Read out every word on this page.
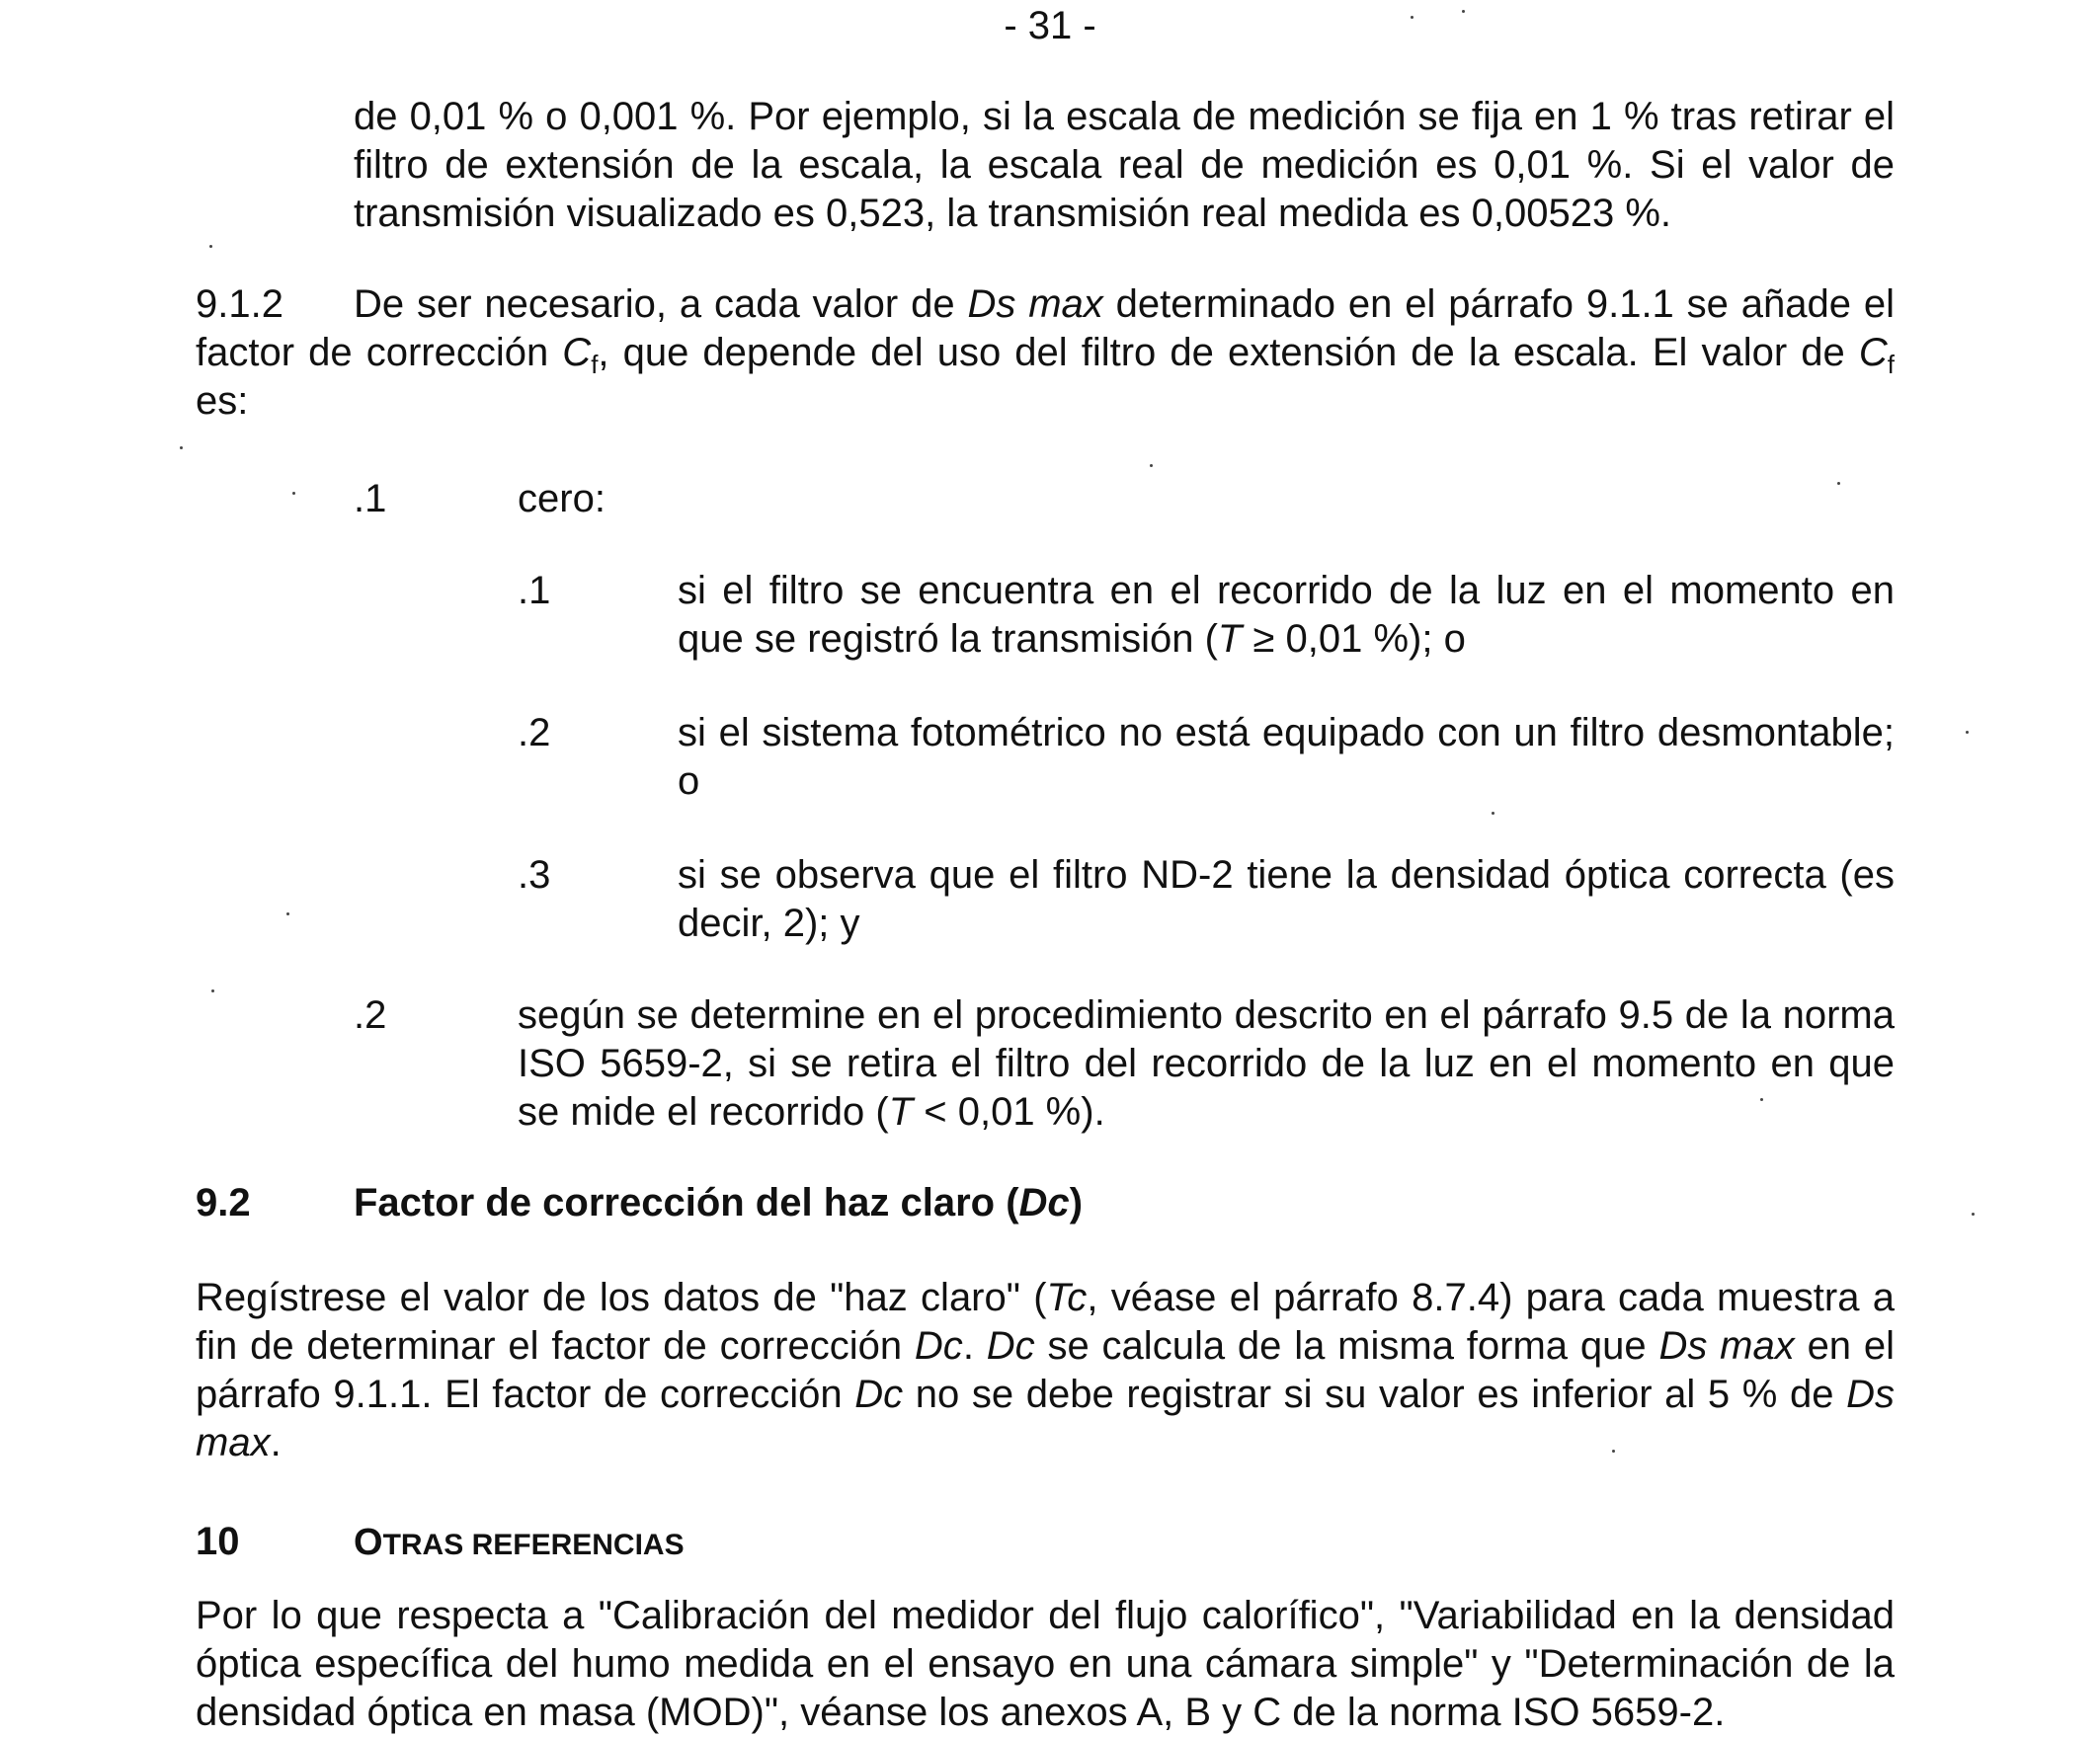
- 31 -
de 0,01 % o 0,001 %. Por ejemplo, si la escala de medición se fija en 1 % tras retirar el filtro de extensión de la escala, la escala real de medición es 0,01 %. Si el valor de transmisión visualizado es 0,523, la transmisión real medida es 0,00523 %.
9.1.2	De ser necesario, a cada valor de Ds max determinado en el párrafo 9.1.1 se añade el factor de corrección $C_f$, que depende del uso del filtro de extensión de la escala. El valor de $C_f$ es:
.1	cero:
.1	si el filtro se encuentra en el recorrido de la luz en el momento en que se registró la transmisión (T ≥ 0,01 %); o
.2	si el sistema fotométrico no está equipado con un filtro desmontable; o
.3	si se observa que el filtro ND-2 tiene la densidad óptica correcta (es decir, 2); y
.2	según se determine en el procedimiento descrito en el párrafo 9.5 de la norma ISO 5659-2, si se retira el filtro del recorrido de la luz en el momento en que se mide el recorrido (T < 0,01 %).
9.2	Factor de corrección del haz claro (Dc)
Regístrese el valor de los datos de "haz claro" (Tc, véase el párrafo 8.7.4) para cada muestra a fin de determinar el factor de corrección Dc. Dc se calcula de la misma forma que Ds max en el párrafo 9.1.1. El factor de corrección Dc no se debe registrar si su valor es inferior al 5 % de Ds max.
10	OTRAS REFERENCIAS
Por lo que respecta a "Calibración del medidor del flujo calorífico", "Variabilidad en la densidad óptica específica del humo medida en el ensayo en una cámara simple" y "Determinación de la densidad óptica en masa (MOD)", véanse los anexos A, B y C de la norma ISO 5659-2.
